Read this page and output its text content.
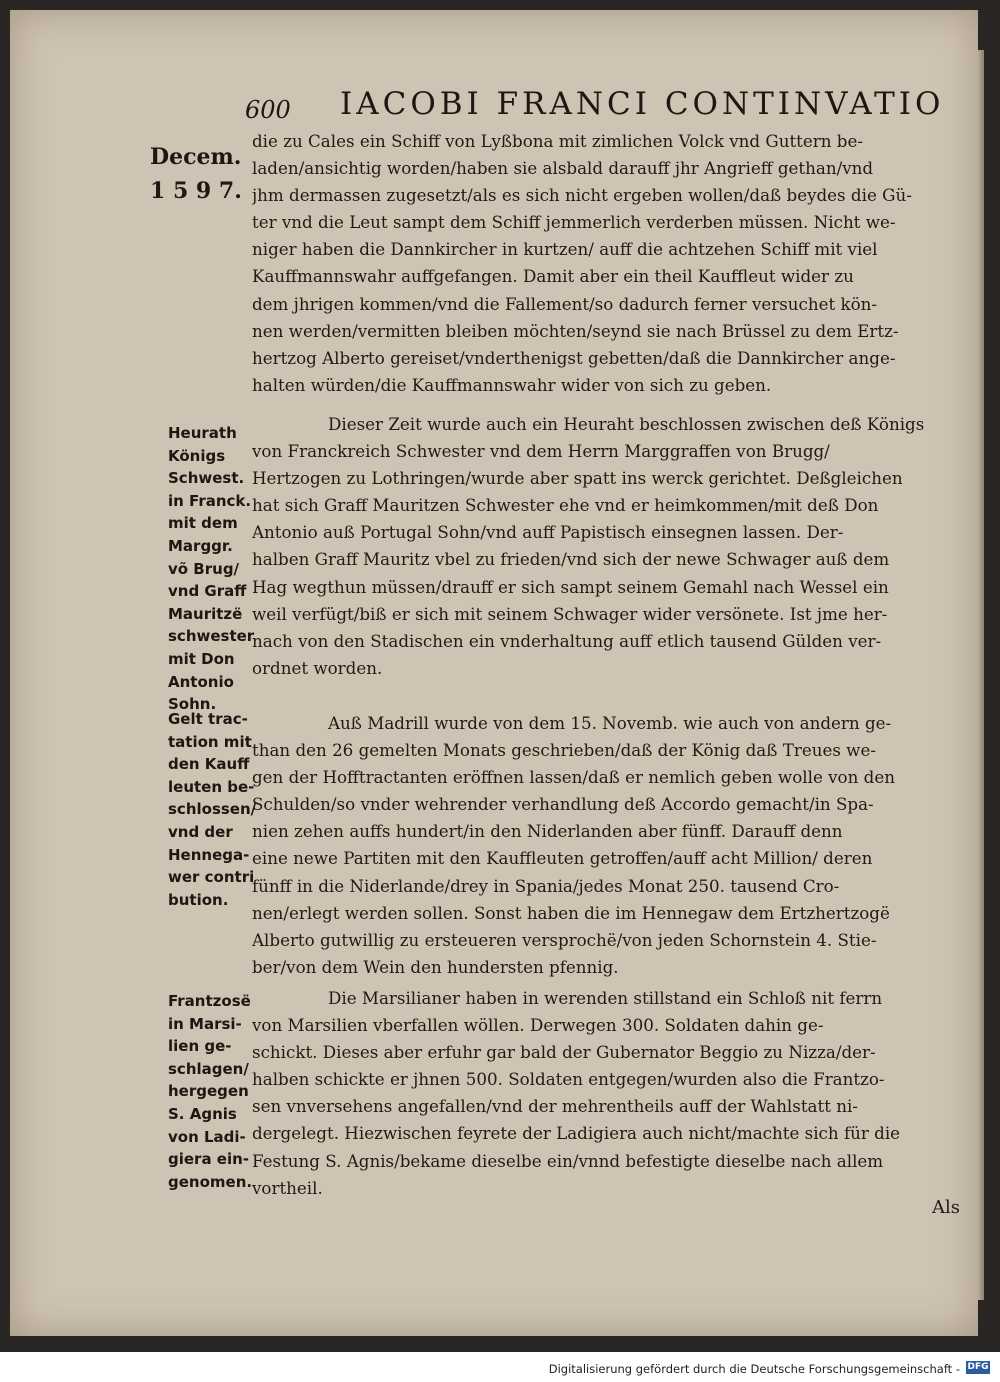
600 IACOBI FRANCI CONTINVATIO
Decem.
1 5 9 7.
die zu Cales ein Schiff von Lyßbona mit zimlichen Volck vnd Guttern be-
laden/ansichtig worden/haben sie alsbald darauff jhr Angrieff gethan/vnd
jhm dermassen zugesetzt/als es sich nicht ergeben wollen/daß beydes die Gü-
ter vnd die Leut sampt dem Schiff jemmerlich verderben müssen. Nicht we-
niger haben die Dannkircher in kurtzen/ auff die achtzehen Schiff mit viel
Kauffmannswahr auffgefangen. Damit aber ein theil Kauffleut wider zu
dem jhrigen kommen/vnd die Fallement/so dadurch ferner versuchet kön-
nen werden/vermitten bleiben möchten/seynd sie nach Brüssel zu dem Ertz-
hertzog Alberto gereiset/vnderthenigst gebetten/daß die Dannkircher ange-
halten würden/die Kauffmannswahr wider von sich zu geben.
Dieser Zeit wurde auch ein Heuraht beschlossen zwischen deß Königs
von Franckreich Schwester vnd dem Herrn Marggraffen von Brugg/
Hertzogen zu Lothringen/wurde aber spatt ins werck gerichtet. Deßgleichen
hat sich Graff Mauritzen Schwester ehe vnd er heimkommen/mit deß Don
Antonio auß Portugal Sohn/vnd auff Papistisch einsegnen lassen. Der-
halben Graff Mauritz vbel zu frieden/vnd sich der newe Schwager auß dem
Hag wegthun müssen/drauff er sich sampt seinem Gemahl nach Wessel ein
weil verfügt/biß er sich mit seinem Schwager wider versönete. Ist jme her-
nach von den Stadischen ein vnderhaltung auff etlich tausend Gülden ver-
ordnet worden.
Auß Madrill wurde von dem 15. Novemb. wie auch von andern ge-
than den 26 gemelten Monats geschrieben/daß der König daß Treues we-
gen der Hofftractanten eröffnen lassen/daß er nemlich geben wolle von den
Schulden/so vnder wehrender verhandlung deß Accordo gemacht/in Spa-
nien zehen auffs hundert/in den Niderlanden aber fünff. Darauff denn
eine newe Partiten mit den Kauffleuten getroffen/auff acht Million/ deren
fünff in die Niderlande/drey in Spania/jedes Monat 250. tausend Cro-
nen/erlegt werden sollen. Sonst haben die im Hennegaw dem Ertzhertzogë
Alberto gutwillig zu ersteueren versprochë/von jeden Schornstein 4. Stie-
ber/von dem Wein den hundersten pfennig.
Die Marsilianer haben in werenden stillstand ein Schloß nit ferrn
von Marsilien vberfallen wöllen. Derwegen 300. Soldaten dahin ge-
schickt. Dieses aber erfuhr gar bald der Gubernator Beggio zu Nizza/der-
halben schickte er jhnen 500. Soldaten entgegen/wurden also die Frantzo-
sen vnversehens angefallen/vnd der mehrentheils auff der Wahlstatt ni-
dergelegt. Hiezwischen feyrete der Ladigiera auch nicht/machte sich für die
Festung S. Agnis/bekame dieselbe ein/vnnd befestigte dieselbe nach allem
vortheil.
Als
Heurath
Königs
Schwest.
in Franck.
mit dem
Marggr.
võ Brug/
vnd Graff
Mauritzë
schwester
mit Don
Antonio
Sohn.
Gelt trac-
tation mit
den Kauff
leuten be-
schlossen/
vnd der
Hennega-
wer contri
bution.
Frantzosë
in Marsi-
lien ge-
schlagen/
hergegen
S. Agnis
von Ladi-
giera ein-
genomen.
Digitalisierung gefördert durch die Deutsche Forschungsgemeinschaft - DFG
